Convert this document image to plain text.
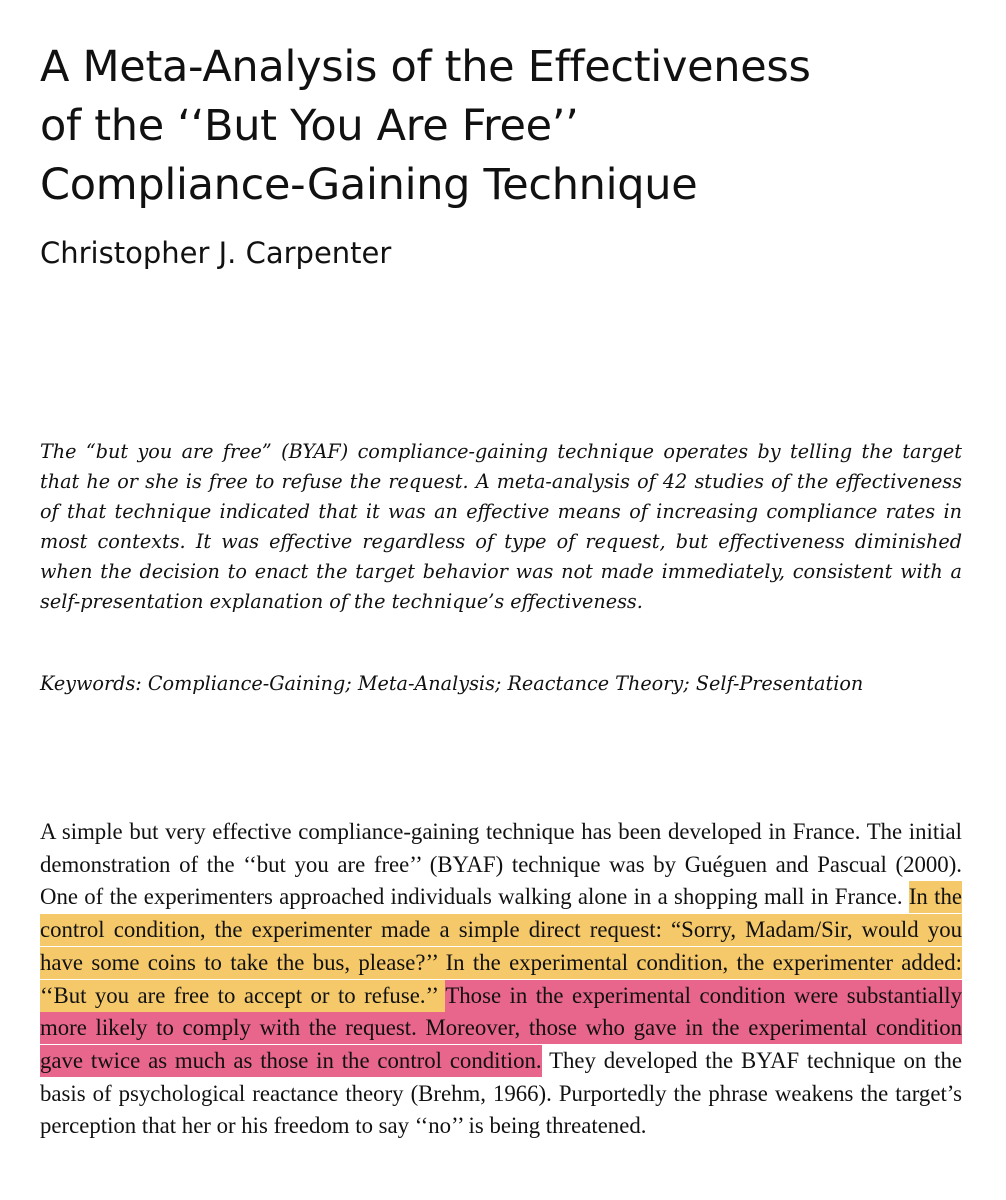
A Meta-Analysis of the Effectiveness
of the ‘‘But You Are Free’’
Compliance-Gaining Technique
Christopher J. Carpenter

The “but you are free” (BYAF) compliance-gaining technique operates by telling the target that he or she is free to refuse the request. A meta-analysis of 42 studies of the effectiveness of that technique indicated that it was an effective means of increasing compliance rates in most contexts. It was effective regardless of type of request, but effectiveness diminished when the decision to enact the target behavior was not made immediately, consistent with a self-presentation explanation of the technique’s effectiveness.

Keywords: Compliance-Gaining; Meta-Analysis; Reactance Theory; Self-Presentation

A simple but very effective compliance-gaining technique has been developed in France. The initial demonstration of the ‘‘but you are free’’ (BYAF) technique was by Guéguen and Pascual (2000). One of the experimenters approached individuals walking alone in a shopping mall in France. In the control condition, the experimenter made a simple direct request: “Sorry, Madam/Sir, would you have some coins to take the bus, please?’’ In the experimental condition, the experimenter added: ‘‘But you are free to accept or to refuse.’’ Those in the experimental condition were substantially more likely to comply with the request. Moreover, those who gave in the experimental condition gave twice as much as those in the control condition. They developed the BYAF technique on the basis of psychological reactance theory (Brehm, 1966). Purportedly the phrase weakens the target’s perception that her or his freedom to say ‘‘no’’ is being threatened.
